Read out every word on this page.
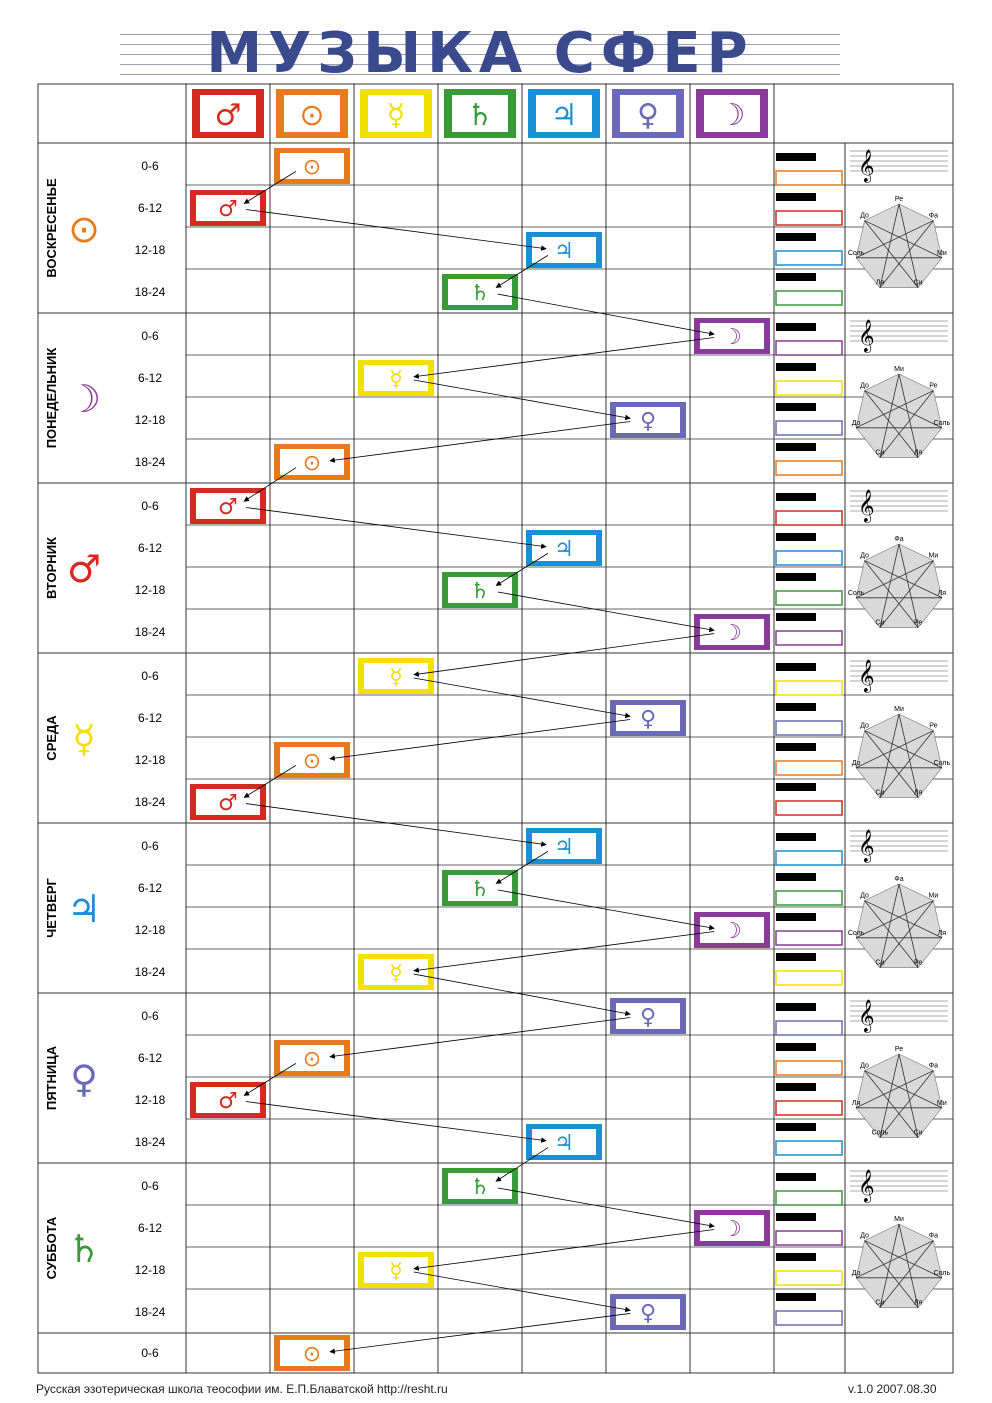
МУЗЫКА СФЕР
♂ ⊙ ☿ ♄ ♃ ♀ ☽
ВОСКРЕСЕНЬЕ ⊙
0-6
6-12
12-18
18-24
𝄞
Ре
Фа
Ми
Си
Ля
Соль
До
ПОНЕДЕЛЬНИК ☽
0-6
6-12
12-18
18-24
𝄞
Ми
Ре
Соль
Ля
Си
До
До
ВТОРНИК ♂
0-6
6-12
12-18
18-24
𝄞
Фа
Ми
Ля
Ре
Си
Соль
До
СРЕДА ☿
0-6
6-12
12-18
18-24
𝄞
Ми
Ре
Соль
Ля
Си
До
До
ЧЕТВЕРГ ♃
0-6
6-12
12-18
18-24
𝄞
Фа
Ми
Ля
Ре
Си
Соль
До
ПЯТНИЦА ♀
0-6
6-12
12-18
18-24
𝄞
Ре
Фа
Ми
Си
Соль
Ля
До
СУББОТА ♄
0-6
6-12
12-18
18-24
𝄞
Ми
Фа
Соль
Ля
Си
До
До
0-6
⊙
♂
♃
♄
☽
☿
♀
⊙
♂
♃
♄
☽
☿
♀
⊙
♂
♃
♄
☽
☿
♀
⊙
♂
♃
♄
☽
☿
♀
⊙
Русская эзотерическая школа теософии им. Е.П.Блаватской http://resht.ru	v.1.0 2007.08.30
